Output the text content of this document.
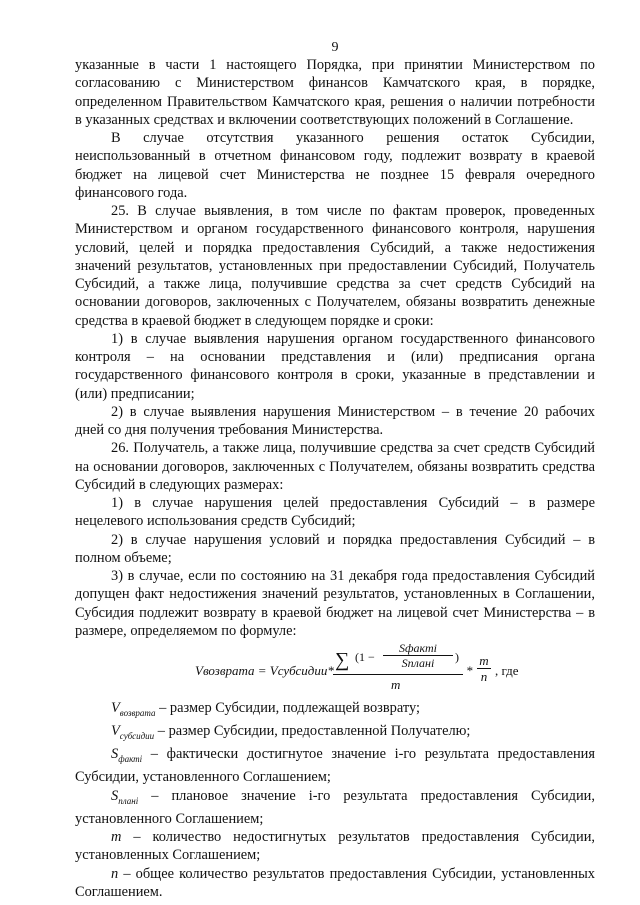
9

указанные в части 1 настоящего Порядка, при принятии Министерством по согласованию с Министерством финансов Камчатского края, в порядке, определенном Правительством Камчатского края, решения о наличии потребности в указанных средствах и включении соответствующих положений в Соглашение.

В случае отсутствия указанного решения остаток Субсидии, неиспользованный в отчетном финансовом году, подлежит возврату в краевой бюджет на лицевой счет Министерства не позднее 15 февраля очередного финансового года.

25. В случае выявления, в том числе по фактам проверок, проведенных Министерством и органом государственного финансового контроля, нарушения условий, целей и порядка предоставления Субсидий, а также недостижения значений результатов, установленных при предоставлении Субсидий, Получатель Субсидий, а также лица, получившие средства за счет средств Субсидий на основании договоров, заключенных с Получателем, обязаны возвратить денежные средства в краевой бюджет в следующем порядке и сроки:

1) в случае выявления нарушения органом государственного финансового контроля – на основании представления и (или) предписания органа государственного финансового контроля в сроки, указанные в представлении и (или) предписании;

2) в случае выявления нарушения Министерством – в течение 20 рабочих дней со дня получения требования Министерства.

26. Получатель, а также лица, получившие средства за счет средств Субсидий на основании договоров, заключенных с Получателем, обязаны возвратить средства Субсидий в следующих размерах:

1) в случае нарушения целей предоставления Субсидий – в размере нецелевого использования средств Субсидий;

2) в случае нарушения условий и порядка предоставления Субсидий – в полном объеме;

3) в случае, если по состоянию на 31 декабря года предоставления Субсидий допущен факт недостижения значений результатов, установленных в Соглашении, Субсидия подлежит возврату в краевой бюджет на лицевой счет Министерства – в размере, определяемом по формуле:

Vвозврата = Vсубсидии* ∑ (1 −
Sфакті
Sплані	)
m
* $\frac{m}{n}$ , где

$V_{возврата}$ – размер Субсидии, подлежащей возврату;

$V_{субсидии}$ – размер Субсидии, предоставленной Получателю;

$S_{фактi}$ – фактически достигнутое значение i-го результата предоставления Субсидии, установленного Соглашением;

$S_{планi}$ – плановое значение i-го результата предоставления Субсидии, установленного Соглашением;

m – количество недостигнутых результатов предоставления Субсидии, установленных Соглашением;

n – общее количество результатов предоставления Субсидии, установленных Соглашением.
